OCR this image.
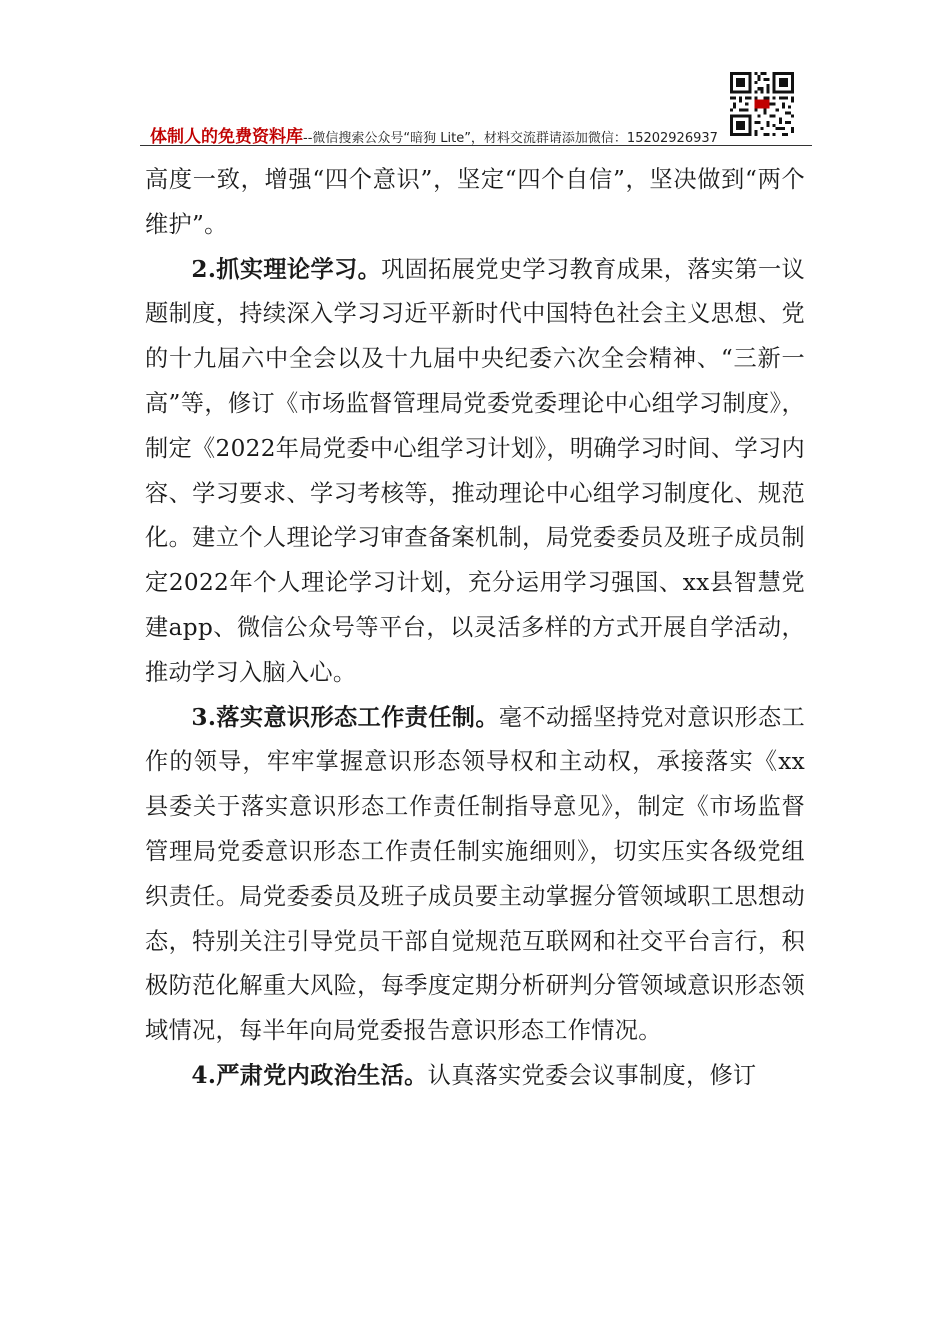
体制人的免费资料库--微信搜索公众号“暗狗 Lite”，材料交流群请添加微信：15202926937

高度一致，增强“四个意识”，坚定“四个自信”，坚决做到“两个维护”。

2.抓实理论学习。巩固拓展党史学习教育成果，落实第一议题制度，持续深入学习习近平新时代中国特色社会主义思想、党的十九届六中全会以及十九届中央纪委六次全会精神、“三新一高”等，修订《市场监督管理局党委党委理论中心组学习制度》，制定《2022年局党委中心组学习计划》，明确学习时间、学习内容、学习要求、学习考核等，推动理论中心组学习制度化、规范化。建立个人理论学习审查备案机制，局党委委员及班子成员制定2022年个人理论学习计划，充分运用学习强国、xx县智慧党建app、微信公众号等平台，以灵活多样的方式开展自学活动，推动学习入脑入心。

3.落实意识形态工作责任制。毫不动摇坚持党对意识形态工作的领导，牢牢掌握意识形态领导权和主动权，承接落实《xx县委关于落实意识形态工作责任制指导意见》，制定《市场监督管理局党委意识形态工作责任制实施细则》，切实压实各级党组织责任。局党委委员及班子成员要主动掌握分管领域职工思想动态，特别关注引导党员干部自觉规范互联网和社交平台言行，积极防范化解重大风险，每季度定期分析研判分管领域意识形态领域情况，每半年向局党委报告意识形态工作情况。

4.严肃党内政治生活。认真落实党委会议事制度，修订
